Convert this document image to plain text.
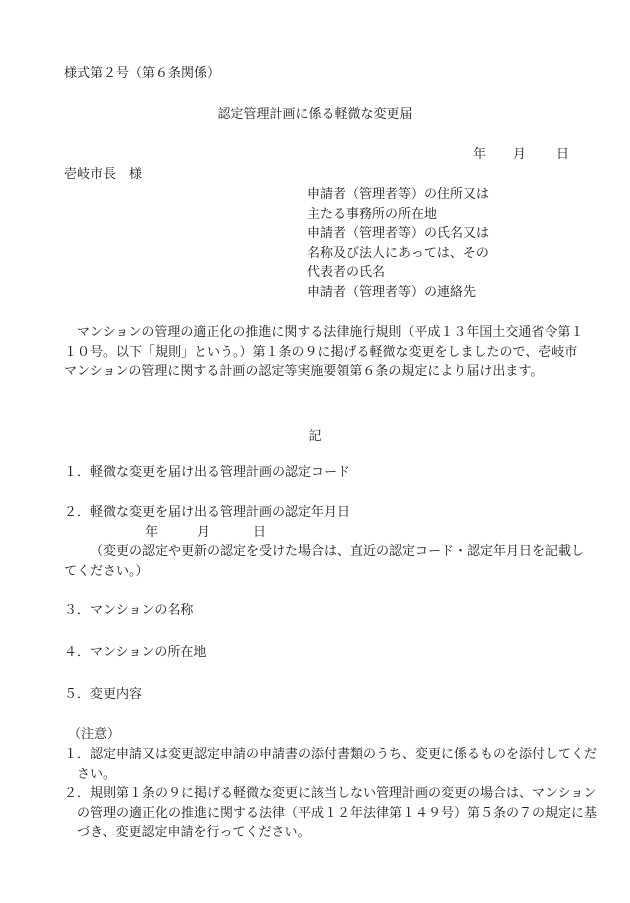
様式第２号（第６条関係）
認定管理計画に係る軽微な変更届
年 月 日
壱岐市長　様
申請者（管理者等）の住所又は
主たる事務所の所在地
申請者（管理者等）の氏名又は
名称及び法人にあっては、その
代表者の氏名
申請者（管理者等）の連絡先
マンションの管理の適正化の推進に関する法律施行規則（平成１３年国土交通省令第１１０号。以下「規則」という。）第１条の９に掲げる軽微な変更をしましたので、壱岐市マンションの管理に関する計画の認定等実施要領第６条の規定により届け出ます。
記
１．軽微な変更を届け出る管理計画の認定コード
２．軽微な変更を届け出る管理計画の認定年月日
年	月	日
（変更の認定や更新の認定を受けた場合は、直近の認定コード・認定年月日を記載してください。）
３．マンションの名称
４．マンションの所在地
５．変更内容
（注意）
１．認定申請又は変更認定申請の申請書の添付書類のうち、変更に係るものを添付してください。
２．規則第１条の９に掲げる軽微な変更に該当しない管理計画の変更の場合は、マンションの管理の適正化の推進に関する法律（平成１２年法律第１４９号）第５条の７の規定に基づき、変更認定申請を行ってください。
